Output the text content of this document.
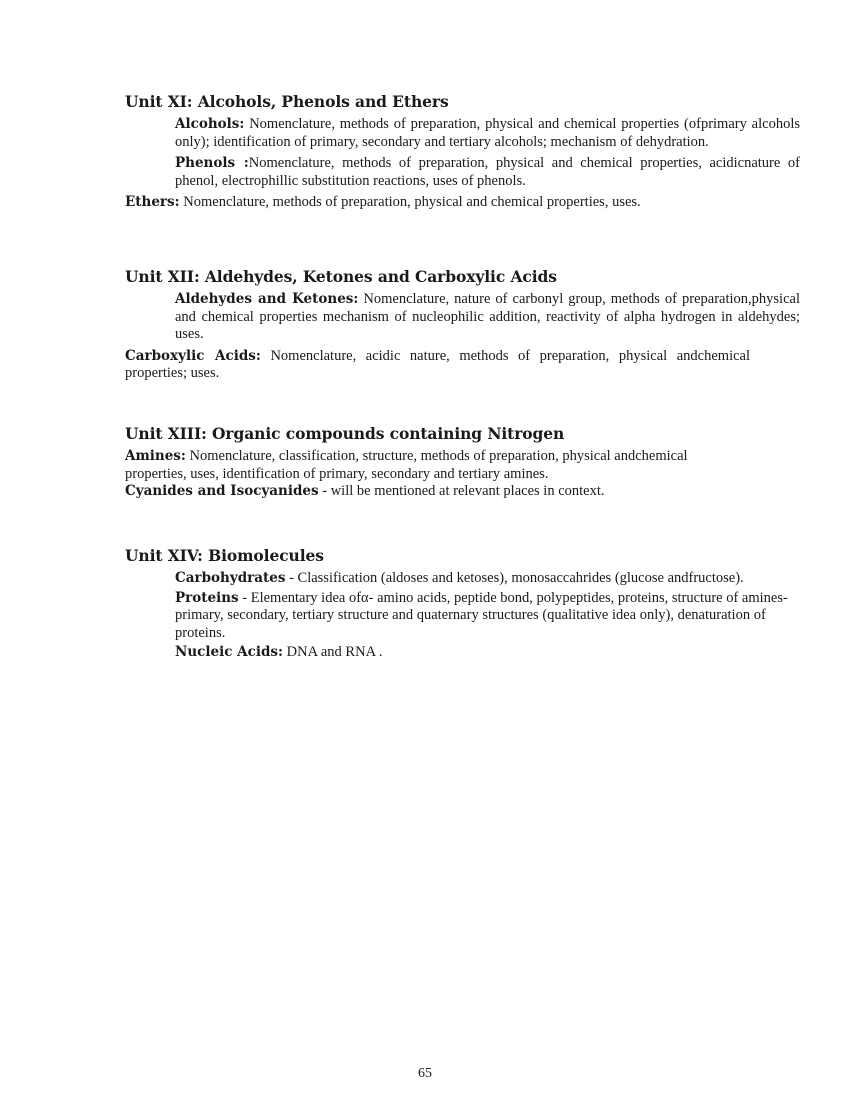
Unit XI: Alcohols, Phenols and Ethers

Alcohols: Nomenclature, methods of preparation, physical and chemical properties (ofprimary alcohols only); identification of primary, secondary and tertiary alcohols; mechanism of dehydration.

Phenols :Nomenclature, methods of preparation, physical and chemical properties, acidicnature of phenol, electrophillic substitution reactions, uses of phenols.

Ethers: Nomenclature, methods of preparation, physical and chemical properties, uses.

Unit XII: Aldehydes, Ketones and Carboxylic Acids

Aldehydes and Ketones: Nomenclature, nature of carbonyl group, methods of preparation,physical and chemical properties mechanism of nucleophilic addition, reactivity of alpha hydrogen in aldehydes; uses.

Carboxylic Acids: Nomenclature, acidic nature, methods of preparation, physical andchemical properties; uses.

Unit XIII: Organic compounds containing Nitrogen

Amines: Nomenclature, classification, structure, methods of preparation, physical andchemical properties, uses, identification of primary, secondary and tertiary amines.

Cyanides and Isocyanides - will be mentioned at relevant places in context.

Unit XIV: Biomolecules

Carbohydrates - Classification (aldoses and ketoses), monosaccahrides (glucose andfructose).

Proteins - Elementary idea ofα- amino acids, peptide bond, polypeptides, proteins, structure of amines-primary, secondary, tertiary structure and quaternary structures (qualitative idea only), denaturation of proteins.

Nucleic Acids: DNA and RNA .

65
